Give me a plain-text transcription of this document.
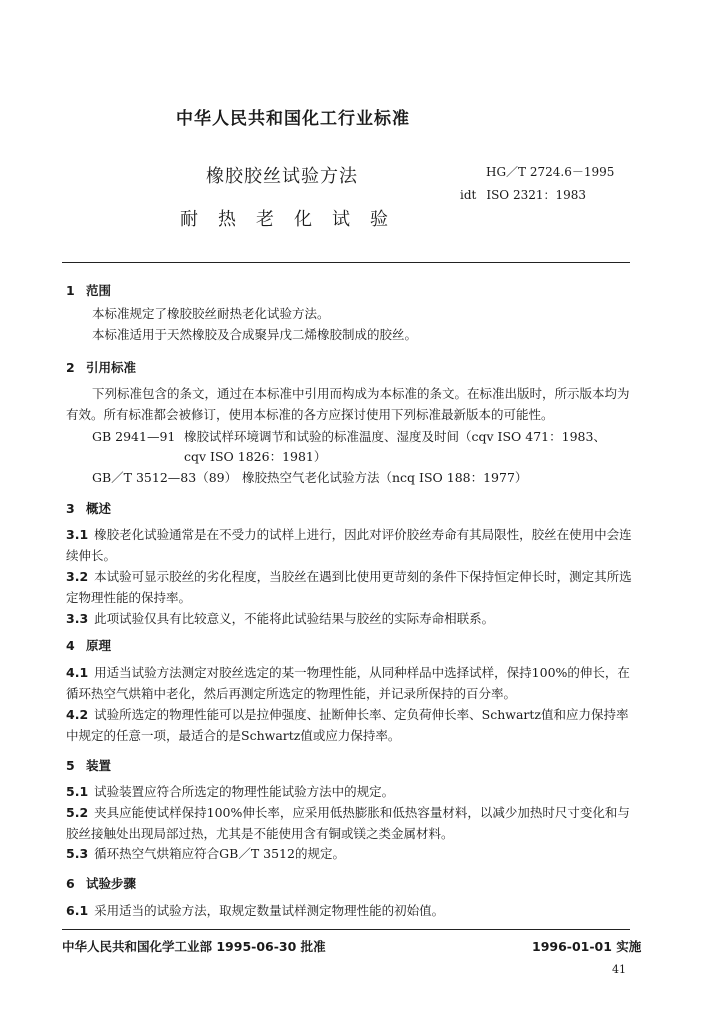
中华人民共和国化工行业标准
橡胶胶丝试验方法
耐热老化试验
HG／T 2724.6－1995
idt ISO 2321：1983
1 范围
本标准规定了橡胶胶丝耐热老化试验方法。
本标准适用于天然橡胶及合成聚异戊二烯橡胶制成的胶丝。
2 引用标准
下列标准包含的条文，通过在本标准中引用而构成为本标准的条文。在标准出版时，所示版本均为有效。所有标准都会被修订，使用本标准的各方应探讨使用下列标准最新版本的可能性。
GB 2941—91 橡胶试样环境调节和试验的标准温度、湿度及时间（cqv ISO 471：1983、
cqv ISO 1826：1981）
GB／T 3512—83（89） 橡胶热空气老化试验方法（ncq ISO 188：1977）
3 概述
3.1 橡胶老化试验通常是在不受力的试样上进行，因此对评价胶丝寿命有其局限性，胶丝在使用中会连续伸长。
3.2 本试验可显示胶丝的劣化程度，当胶丝在遇到比使用更苛刻的条件下保持恒定伸长时，测定其所选定物理性能的保持率。
3.3 此项试验仅具有比较意义，不能将此试验结果与胶丝的实际寿命相联系。
4 原理
4.1 用适当试验方法测定对胶丝选定的某一物理性能，从同种样品中选择试样，保持100%的伸长，在循环热空气烘箱中老化，然后再测定所选定的物理性能，并记录所保持的百分率。
4.2 试验所选定的物理性能可以是拉伸强度、扯断伸长率、定负荷伸长率、Schwartz值和应力保持率中规定的任意一项，最适合的是Schwartz值或应力保持率。
5 装置
5.1 试验装置应符合所选定的物理性能试验方法中的规定。
5.2 夹具应能使试样保持100%伸长率，应采用低热膨胀和低热容量材料，以减少加热时尺寸变化和与胶丝接触处出现局部过热，尤其是不能使用含有铜或镁之类金属材料。
5.3 循环热空气烘箱应符合GB／T 3512的规定。
6 试验步骤
6.1 采用适当的试验方法，取规定数量试样测定物理性能的初始值。
中华人民共和国化学工业部 1995-06-30 批准	1996-01-01 实施
41
